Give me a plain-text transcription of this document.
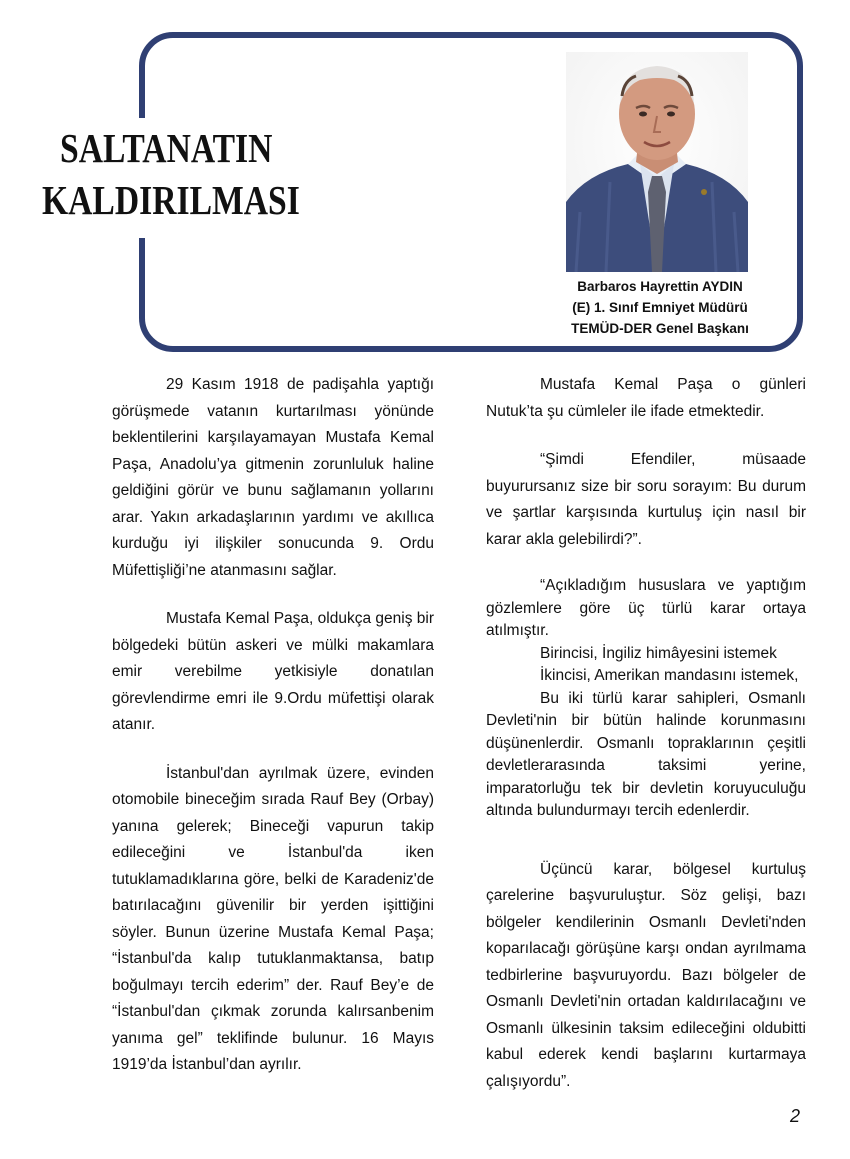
SALTANATIN
KALDIRILMASI
Barbaros Hayrettin AYDIN
(E) 1. Sınıf Emniyet Müdürü
TEMÜD-DER Genel Başkanı

29 Kasım 1918 de padişahla yaptığı görüşmede vatanın kurtarılması yönünde beklentilerini karşılayamayan Mustafa Kemal Paşa, Anadolu’ya gitmenin zorunluluk haline geldiğini görür ve bunu sağlamanın yollarını arar. Yakın arkadaşlarının yardımı ve akıllıca kurduğu iyi ilişkiler sonucunda 9. Ordu Müfettişliği’ne atanmasını sağlar.

Mustafa Kemal Paşa, oldukça geniş bir bölgedeki bütün askeri ve mülki makamlara emir verebilme yetkisiyle donatılan görevlendirme emri ile 9.Ordu müfettişi olarak atanır.

İstanbul'dan ayrılmak üzere, evinden otomobile bineceğim sırada Rauf Bey (Orbay) yanına gelerek; Bineceği vapurun takip edileceğini ve İstanbul'da iken tutuklamadıklarına göre, belki de Karadeniz'de batırılacağını güvenilir bir yerden işittiğini söyler. Bunun üzerine Mustafa Kemal Paşa; “İstanbul'da kalıp tutuklanmaktansa, batıp boğulmayı tercih ederim” der. Rauf Bey’e de “İstanbul'dan çıkmak zorunda kalırsanbenim yanıma gel” teklifinde bulunur. 16 Mayıs 1919’da İstanbul’dan ayrılır.

Mustafa Kemal Paşa o günleri Nutuk’ta şu cümleler ile ifade etmektedir.

“Şimdi Efendiler, müsaade buyurursanız size bir soru sorayım: Bu durum ve şartlar karşısında kurtuluş için nasıl bir karar akla gelebilirdi?”.

“Açıkladığım hususlara ve yaptığım gözlemlere göre üç türlü karar ortaya atılmıştır.

Birincisi, İngiliz himâyesini istemek

İkincisi, Amerikan mandasını istemek,

Bu iki türlü karar sahipleri, Osmanlı Devleti'nin bir bütün halinde korunmasını düşünenlerdir. Osmanlı topraklarının çeşitli devletlerarasında taksimi yerine, imparatorluğu tek bir devletin koruyuculuğu altında bulundurmayı tercih edenlerdir.

Üçüncü karar, bölgesel kurtuluş çarelerine başvuruluştur. Söz gelişi, bazı bölgeler kendilerinin Osmanlı Devleti'nden koparılacağı görüşüne karşı ondan ayrılmama tedbirlerine başvuruyordu. Bazı bölgeler de Osmanlı Devleti'nin ortadan kaldırılacağını ve Osmanlı ülkesinin taksim edileceğini oldubitti kabul ederek kendi başlarını kurtarmaya çalışıyordu”.

2
